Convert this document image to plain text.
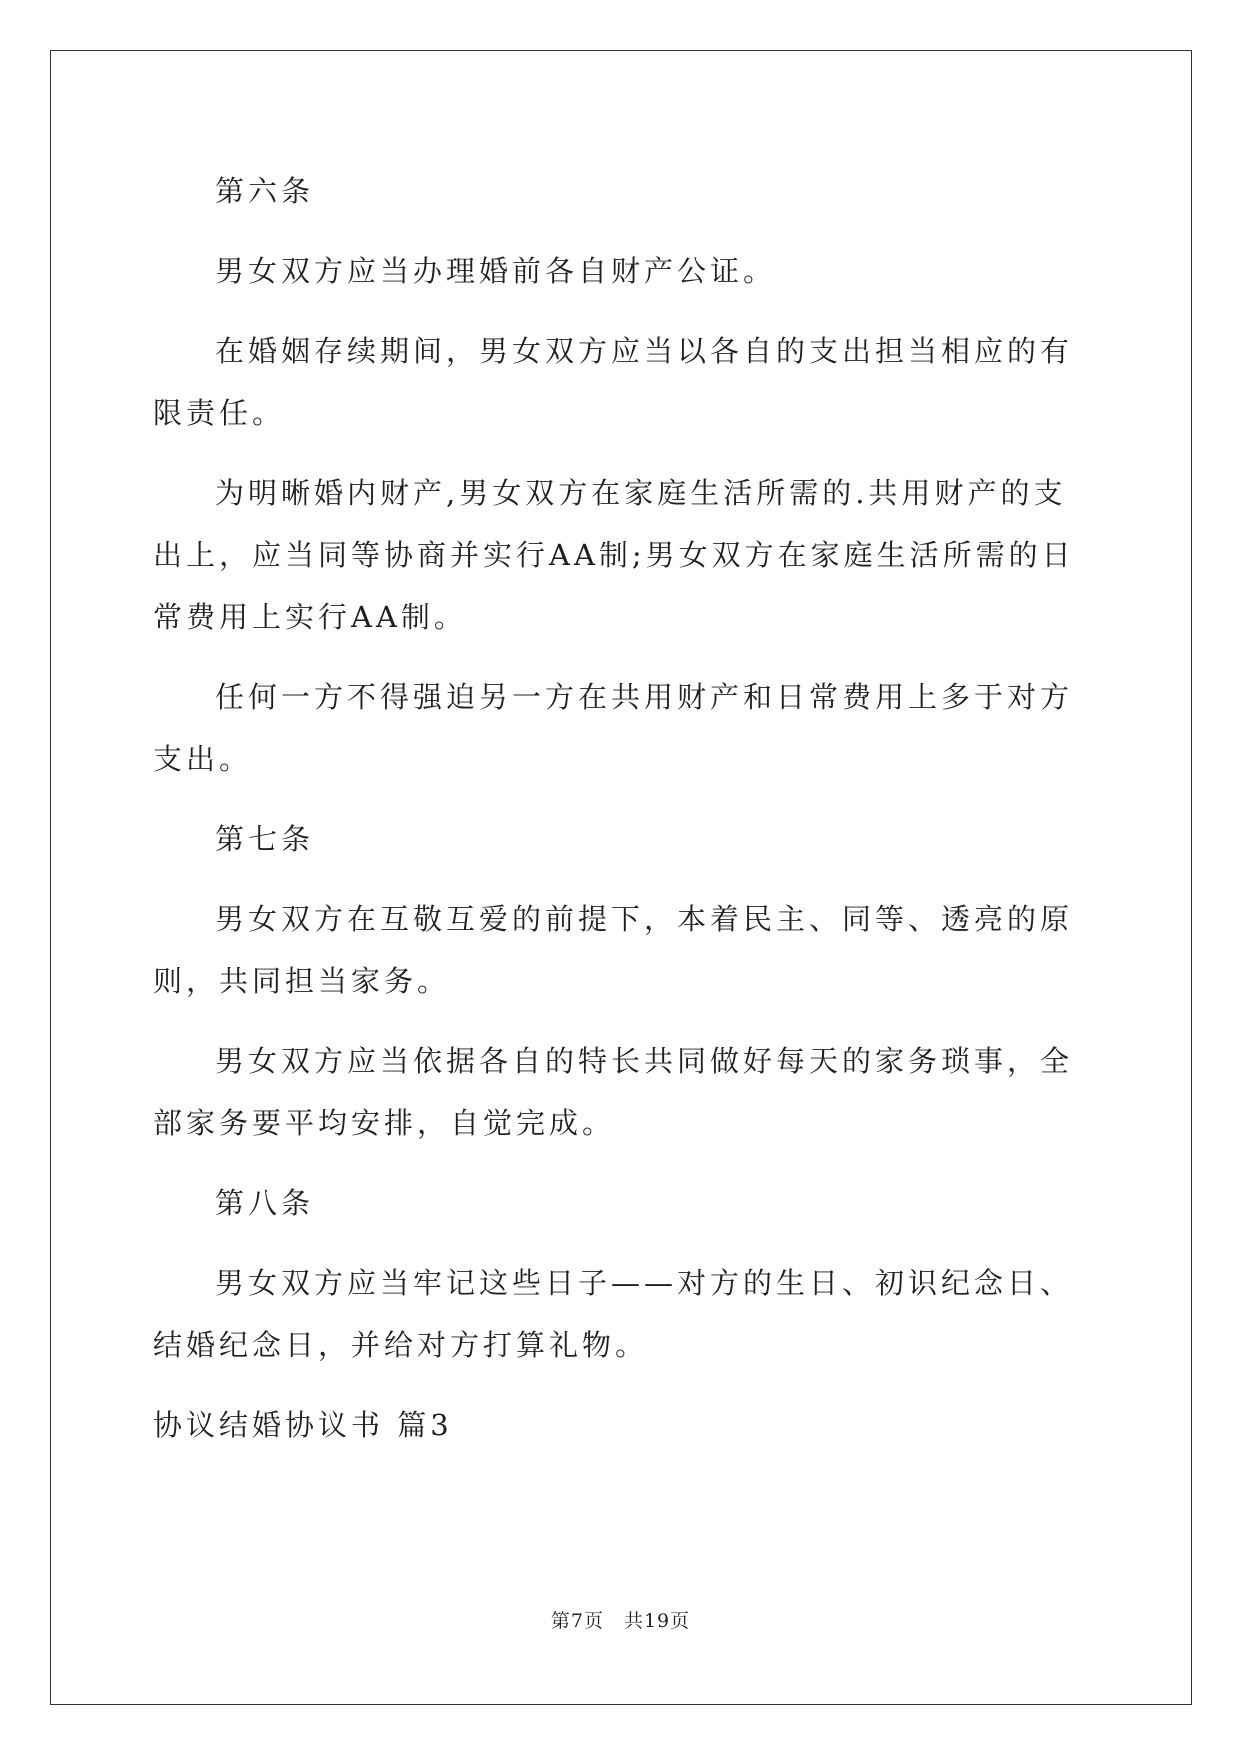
第六条

男女双方应当办理婚前各自财产公证。

在婚姻存续期间，男女双方应当以各自的支出担当相应的有限责任。

为明晰婚内财产,男女双方在家庭生活所需的.共用财产的支出上，应当同等协商并实行AA制;男女双方在家庭生活所需的日常费用上实行AA制。

任何一方不得强迫另一方在共用财产和日常费用上多于对方支出。

第七条

男女双方在互敬互爱的前提下，本着民主、同等、透亮的原则，共同担当家务。

男女双方应当依据各自的特长共同做好每天的家务琐事，全部家务要平均安排，自觉完成。

第八条

男女双方应当牢记这些日子——对方的生日、初识纪念日、结婚纪念日，并给对方打算礼物。

协议结婚协议书 篇3

第7页　共19页
